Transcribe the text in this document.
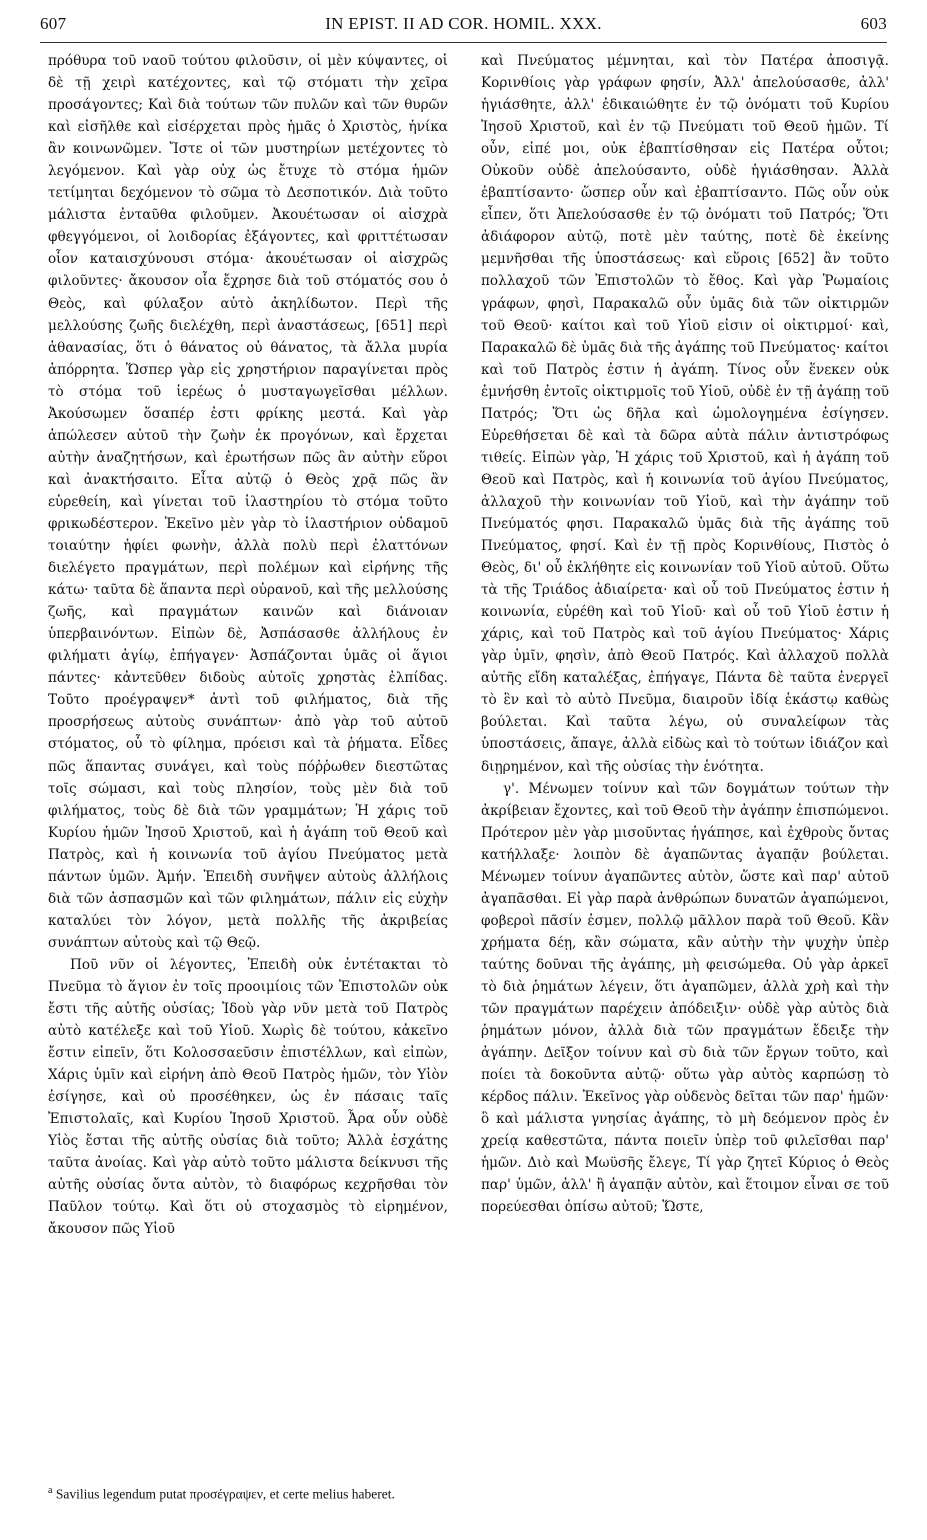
607	IN EPIST. II AD COR. HOMIL. XXX.	603

πρόθυρα τοῦ ναοῦ τούτου φιλοῦσιν, οἱ μὲν κύψαντες, οἱ δὲ τῇ χειρὶ κατέχοντες, καὶ τῷ στόματι τὴν χεῖρα προσάγοντες; Καὶ διὰ τούτων τῶν πυλῶν καὶ τῶν θυρῶν καὶ εἰσῆλθε καὶ εἰσέρχεται πρὸς ἡμᾶς ὁ Χριστὸς, ἡνίκα ἂν κοινωνῶμεν. Ἴστε οἱ τῶν μυστηρίων μετέχοντες τὸ λεγόμενον. Καὶ γὰρ οὐχ ὡς ἔτυχε τὸ στόμα ἡμῶν τετίμηται δεχόμενον τὸ σῶμα τὸ Δεσποτικόν. Διὰ τοῦτο μάλιστα ἐνταῦθα φιλοῦμεν. Ἀκουέτωσαν οἱ αἰσχρὰ φθεγγόμενοι, οἱ λοιδορίας ἐξάγοντες, καὶ φριττέτωσαν οἷον καταισχύνουσι στόμα· ἀκουέτωσαν οἱ αἰσχρῶς φιλοῦντες· ἄκουσον οἷα ἔχρησε διὰ τοῦ στόματός σου ὁ Θεὸς, καὶ φύλαξον αὐτὸ ἀκηλίδωτον. Περὶ τῆς μελλούσης ζωῆς διελέχθη, περὶ ἀναστάσεως, [651] περὶ ἀθανασίας, ὅτι ὁ θάνατος οὐ θάνατος, τὰ ἄλλα μυρία ἀπόρρητα. Ὥσπερ γὰρ εἰς χρηστήριον παραγίνεται πρὸς τὸ στόμα τοῦ ἱερέως ὁ μυσταγωγεῖσθαι μέλλων. Ἀκούσωμεν ὅσαπέρ ἐστι φρίκης μεστά. Καὶ γὰρ ἀπώλεσεν αὐτοῦ τὴν ζωὴν ἐκ προγόνων, καὶ ἔρχεται αὐτὴν ἀναζητήσων, καὶ ἐρωτήσων πῶς ἂν αὐτὴν εὕροι καὶ ἀνακτήσαιτο. Εἶτα αὐτῷ ὁ Θεὸς χρᾷ πῶς ἂν εὑρεθείη, καὶ γίνεται τοῦ ἱλαστηρίου τὸ στόμα τοῦτο φρικωδέστερον. Ἐκεῖνο μὲν γὰρ τὸ ἱλαστήριον οὐδαμοῦ τοιαύτην ἠφίει φωνὴν, ἀλλὰ πολὺ περὶ ἐλαττόνων διελέγετο πραγμάτων, περὶ πολέμων καὶ εἰρήνης τῆς κάτω· ταῦτα δὲ ἅπαντα περὶ οὐρανοῦ, καὶ τῆς μελλούσης ζωῆς, καὶ πραγμάτων καινῶν καὶ διάνοιαν ὑπερβαινόντων. Εἰπὼν δὲ, Ἀσπάσασθε ἀλλήλους ἐν φιλήματι ἁγίῳ, ἐπήγαγεν· Ἀσπάζονται ὑμᾶς οἱ ἅγιοι πάντες· κἀντεῦθεν διδοὺς αὐτοῖς χρηστὰς ἐλπίδας. Τοῦτο προέγραψεν* ἀντὶ τοῦ φιλήματος, διὰ τῆς προσρήσεως αὐτοὺς συνάπτων· ἀπὸ γὰρ τοῦ αὐτοῦ στόματος, οὗ τὸ φίλημα, πρόεισι καὶ τὰ ῥήματα. Εἶδες πῶς ἅπαντας συνάγει, καὶ τοὺς πόῤῥωθεν διεστῶτας τοῖς σώμασι, καὶ τοὺς πλησίον, τοὺς μὲν διὰ τοῦ φιλήματος, τοὺς δὲ διὰ τῶν γραμμάτων; Ἡ χάρις τοῦ Κυρίου ἡμῶν Ἰησοῦ Χριστοῦ, καὶ ἡ ἀγάπη τοῦ Θεοῦ καὶ Πατρὸς, καὶ ἡ κοινωνία τοῦ ἁγίου Πνεύματος μετὰ πάντων ὑμῶν. Ἀμήν. Ἐπειδὴ συνῆψεν αὐτοὺς ἀλλήλοις διὰ τῶν ἀσπασμῶν καὶ τῶν φιλημάτων, πάλιν εἰς εὐχὴν καταλύει τὸν λόγον, μετὰ πολλῆς τῆς ἀκριβείας συνάπτων αὐτοὺς καὶ τῷ Θεῷ.

Ποῦ νῦν οἱ λέγοντες, Ἐπειδὴ οὐκ ἐντέτακται τὸ Πνεῦμα τὸ ἅγιον ἐν τοῖς προοιμίοις τῶν Ἐπιστολῶν οὐκ ἔστι τῆς αὐτῆς οὐσίας; Ἰδοὺ γὰρ νῦν μετὰ τοῦ Πατρὸς αὐτὸ κατέλεξε καὶ τοῦ Υἱοῦ. Χωρὶς δὲ τούτου, κἀκεῖνο ἔστιν εἰπεῖν, ὅτι Κολοσσαεῦσιν ἐπιστέλλων, καὶ εἰπὼν, Χάρις ὑμῖν καὶ εἰρήνη ἀπὸ Θεοῦ Πατρὸς ἡμῶν, τὸν Υἱὸν ἐσίγησε, καὶ οὐ προσέθηκεν, ὡς ἐν πάσαις ταῖς Ἐπιστολαῖς, καὶ Κυρίου Ἰησοῦ Χριστοῦ. Ἆρα οὖν οὐδὲ Υἱὸς ἔσται τῆς αὐτῆς οὐσίας διὰ τοῦτο; Ἀλλὰ ἐσχάτης ταῦτα ἀνοίας. Καὶ γὰρ αὐτὸ τοῦτο μάλιστα δείκνυσι τῆς αὐτῆς οὐσίας ὄντα αὐτὸν, τὸ διαφόρως κεχρῆσθαι τὸν Παῦλον τούτῳ. Καὶ ὅτι οὐ στοχασμὸς τὸ εἰρημένον, ἄκουσον πῶς Υἱοῦ

καὶ Πνεύματος μέμνηται, καὶ τὸν Πατέρα ἀποσιγᾷ. Κορινθίοις γὰρ γράφων φησίν, Ἀλλ' ἀπελούσασθε, ἀλλ' ἡγιάσθητε, ἀλλ' ἐδικαιώθητε ἐν τῷ ὀνόματι τοῦ Κυρίου Ἰησοῦ Χριστοῦ, καὶ ἐν τῷ Πνεύματι τοῦ Θεοῦ ἡμῶν. Τί οὖν, εἰπέ μοι, οὐκ ἐβαπτίσθησαν εἰς Πατέρα οὗτοι; Οὐκοῦν οὐδὲ ἀπελούσαντο, οὐδὲ ἡγιάσθησαν. Ἀλλὰ ἐβαπτίσαντο· ὥσπερ οὖν καὶ ἐβαπτίσαντο. Πῶς οὖν οὐκ εἶπεν, ὅτι Ἀπελούσασθε ἐν τῷ ὀνόματι τοῦ Πατρός; Ὅτι ἀδιάφορον αὐτῷ, ποτὲ μὲν ταύτης, ποτὲ δὲ ἐκείνης μεμνῆσθαι τῆς ὑποστάσεως· καὶ εὕροις [652] ἂν τοῦτο πολλαχοῦ τῶν Ἐπιστολῶν τὸ ἔθος. Καὶ γὰρ Ῥωμαίοις γράφων, φησὶ, Παρακαλῶ οὖν ὑμᾶς διὰ τῶν οἰκτιρμῶν τοῦ Θεοῦ· καίτοι καὶ τοῦ Υἱοῦ εἰσιν οἱ οἰκτιρμοί· καὶ, Παρακαλῶ δὲ ὑμᾶς διὰ τῆς ἀγάπης τοῦ Πνεύματος· καίτοι καὶ τοῦ Πατρὸς ἐστιν ἡ ἀγάπη. Τίνος οὖν ἕνεκεν οὐκ ἐμνήσθη ἐντοῖς οἰκτιρμοῖς τοῦ Υἱοῦ, οὐδὲ ἐν τῇ ἀγάπῃ τοῦ Πατρός; Ὅτι ὡς δῆλα καὶ ὡμολογημένα ἐσίγησεν. Εὑρεθήσεται δὲ καὶ τὰ δῶρα αὐτὰ πάλιν ἀντιστρόφως τιθείς. Εἰπὼν γὰρ, Ἡ χάρις τοῦ Χριστοῦ, καὶ ἡ ἀγάπη τοῦ Θεοῦ καὶ Πατρὸς, καὶ ἡ κοινωνία τοῦ ἁγίου Πνεύματος, ἀλλαχοῦ τὴν κοινωνίαν τοῦ Υἱοῦ, καὶ τὴν ἀγάπην τοῦ Πνεύματός φησι. Παρακαλῶ ὑμᾶς διὰ τῆς ἀγάπης τοῦ Πνεύματος, φησί. Καὶ ἐν τῇ πρὸς Κορινθίους, Πιστὸς ὁ Θεὸς, δι' οὗ ἐκλήθητε εἰς κοινωνίαν τοῦ Υἱοῦ αὐτοῦ. Οὕτω τὰ τῆς Τριάδος ἀδιαίρετα· καὶ οὗ τοῦ Πνεύματος ἐστιν ἡ κοινωνία, εὑρέθη καὶ τοῦ Υἱοῦ· καὶ οὗ τοῦ Υἱοῦ ἐστιν ἡ χάρις, καὶ τοῦ Πατρὸς καὶ τοῦ ἁγίου Πνεύματος· Χάρις γὰρ ὑμῖν, φησὶν, ἀπὸ Θεοῦ Πατρός. Καὶ ἀλλαχοῦ πολλὰ αὐτῆς εἴδη καταλέξας, ἐπήγαγε, Πάντα δὲ ταῦτα ἐνεργεῖ τὸ ἓν καὶ τὸ αὐτὸ Πνεῦμα, διαιροῦν ἰδίᾳ ἑκάστῳ καθὼς βούλεται. Καὶ ταῦτα λέγω, οὐ συναλείφων τὰς ὑποστάσεις, ἄπαγε, ἀλλὰ εἰδὼς καὶ τὸ τούτων ἰδιάζον καὶ διῃρημένον, καὶ τῆς οὐσίας τὴν ἑνότητα.

γ'. Μένωμεν τοίνυν καὶ τῶν δογμάτων τούτων τὴν ἀκρίβειαν ἔχοντες, καὶ τοῦ Θεοῦ τὴν ἀγάπην ἐπισπώμενοι. Πρότερον μὲν γὰρ μισοῦντας ἠγάπησε, καὶ ἐχθροὺς ὄντας κατήλλαξε· λοιπὸν δὲ ἀγαπῶντας ἀγαπᾷν βούλεται. Μένωμεν τοίνυν ἀγαπῶντες αὐτὸν, ὥστε καὶ παρ' αὐτοῦ ἀγαπᾶσθαι. Εἰ γὰρ παρὰ ἀνθρώπων δυνατῶν ἀγαπώμενοι, φοβεροὶ πᾶσίν ἐσμεν, πολλῷ μᾶλλον παρὰ τοῦ Θεοῦ. Κἂν χρήματα δέῃ, κἂν σώματα, κἂν αὐτὴν τὴν ψυχὴν ὑπὲρ ταύτης δοῦναι τῆς ἀγάπης, μὴ φεισώμεθα. Οὐ γὰρ ἀρκεῖ τὸ διὰ ῥημάτων λέγειν, ὅτι ἀγαπῶμεν, ἀλλὰ χρὴ καὶ τὴν τῶν πραγμάτων παρέχειν ἀπόδειξιν· οὐδὲ γὰρ αὐτὸς διὰ ῥημάτων μόνον, ἀλλὰ διὰ τῶν πραγμάτων ἔδειξε τὴν ἀγάπην. Δεῖξον τοίνυν καὶ σὺ διὰ τῶν ἔργων τοῦτο, καὶ ποίει τὰ δοκοῦντα αὐτῷ· οὕτω γὰρ αὐτὸς καρπώσῃ τὸ κέρδος πάλιν. Ἐκεῖνος γὰρ οὐδενὸς δεῖται τῶν παρ' ἡμῶν· ὃ καὶ μάλιστα γνησίας ἀγάπης, τὸ μὴ δεόμενον πρὸς ἐν χρείᾳ καθεστῶτα, πάντα ποιεῖν ὑπὲρ τοῦ φιλεῖσθαι παρ' ἡμῶν. Διὸ καὶ Μωϋσῆς ἔλεγε, Τί γὰρ ζητεῖ Κύριος ὁ Θεὸς παρ' ὑμῶν, ἀλλ' ἢ ἀγαπᾷν αὐτὸν, καὶ ἕτοιμον εἶναι σε τοῦ πορεύεσθαι ὀπίσω αὐτοῦ; Ὥστε,

$^a$ Savilius legendum putat προσέγραψεν, et certe melius haberet.
